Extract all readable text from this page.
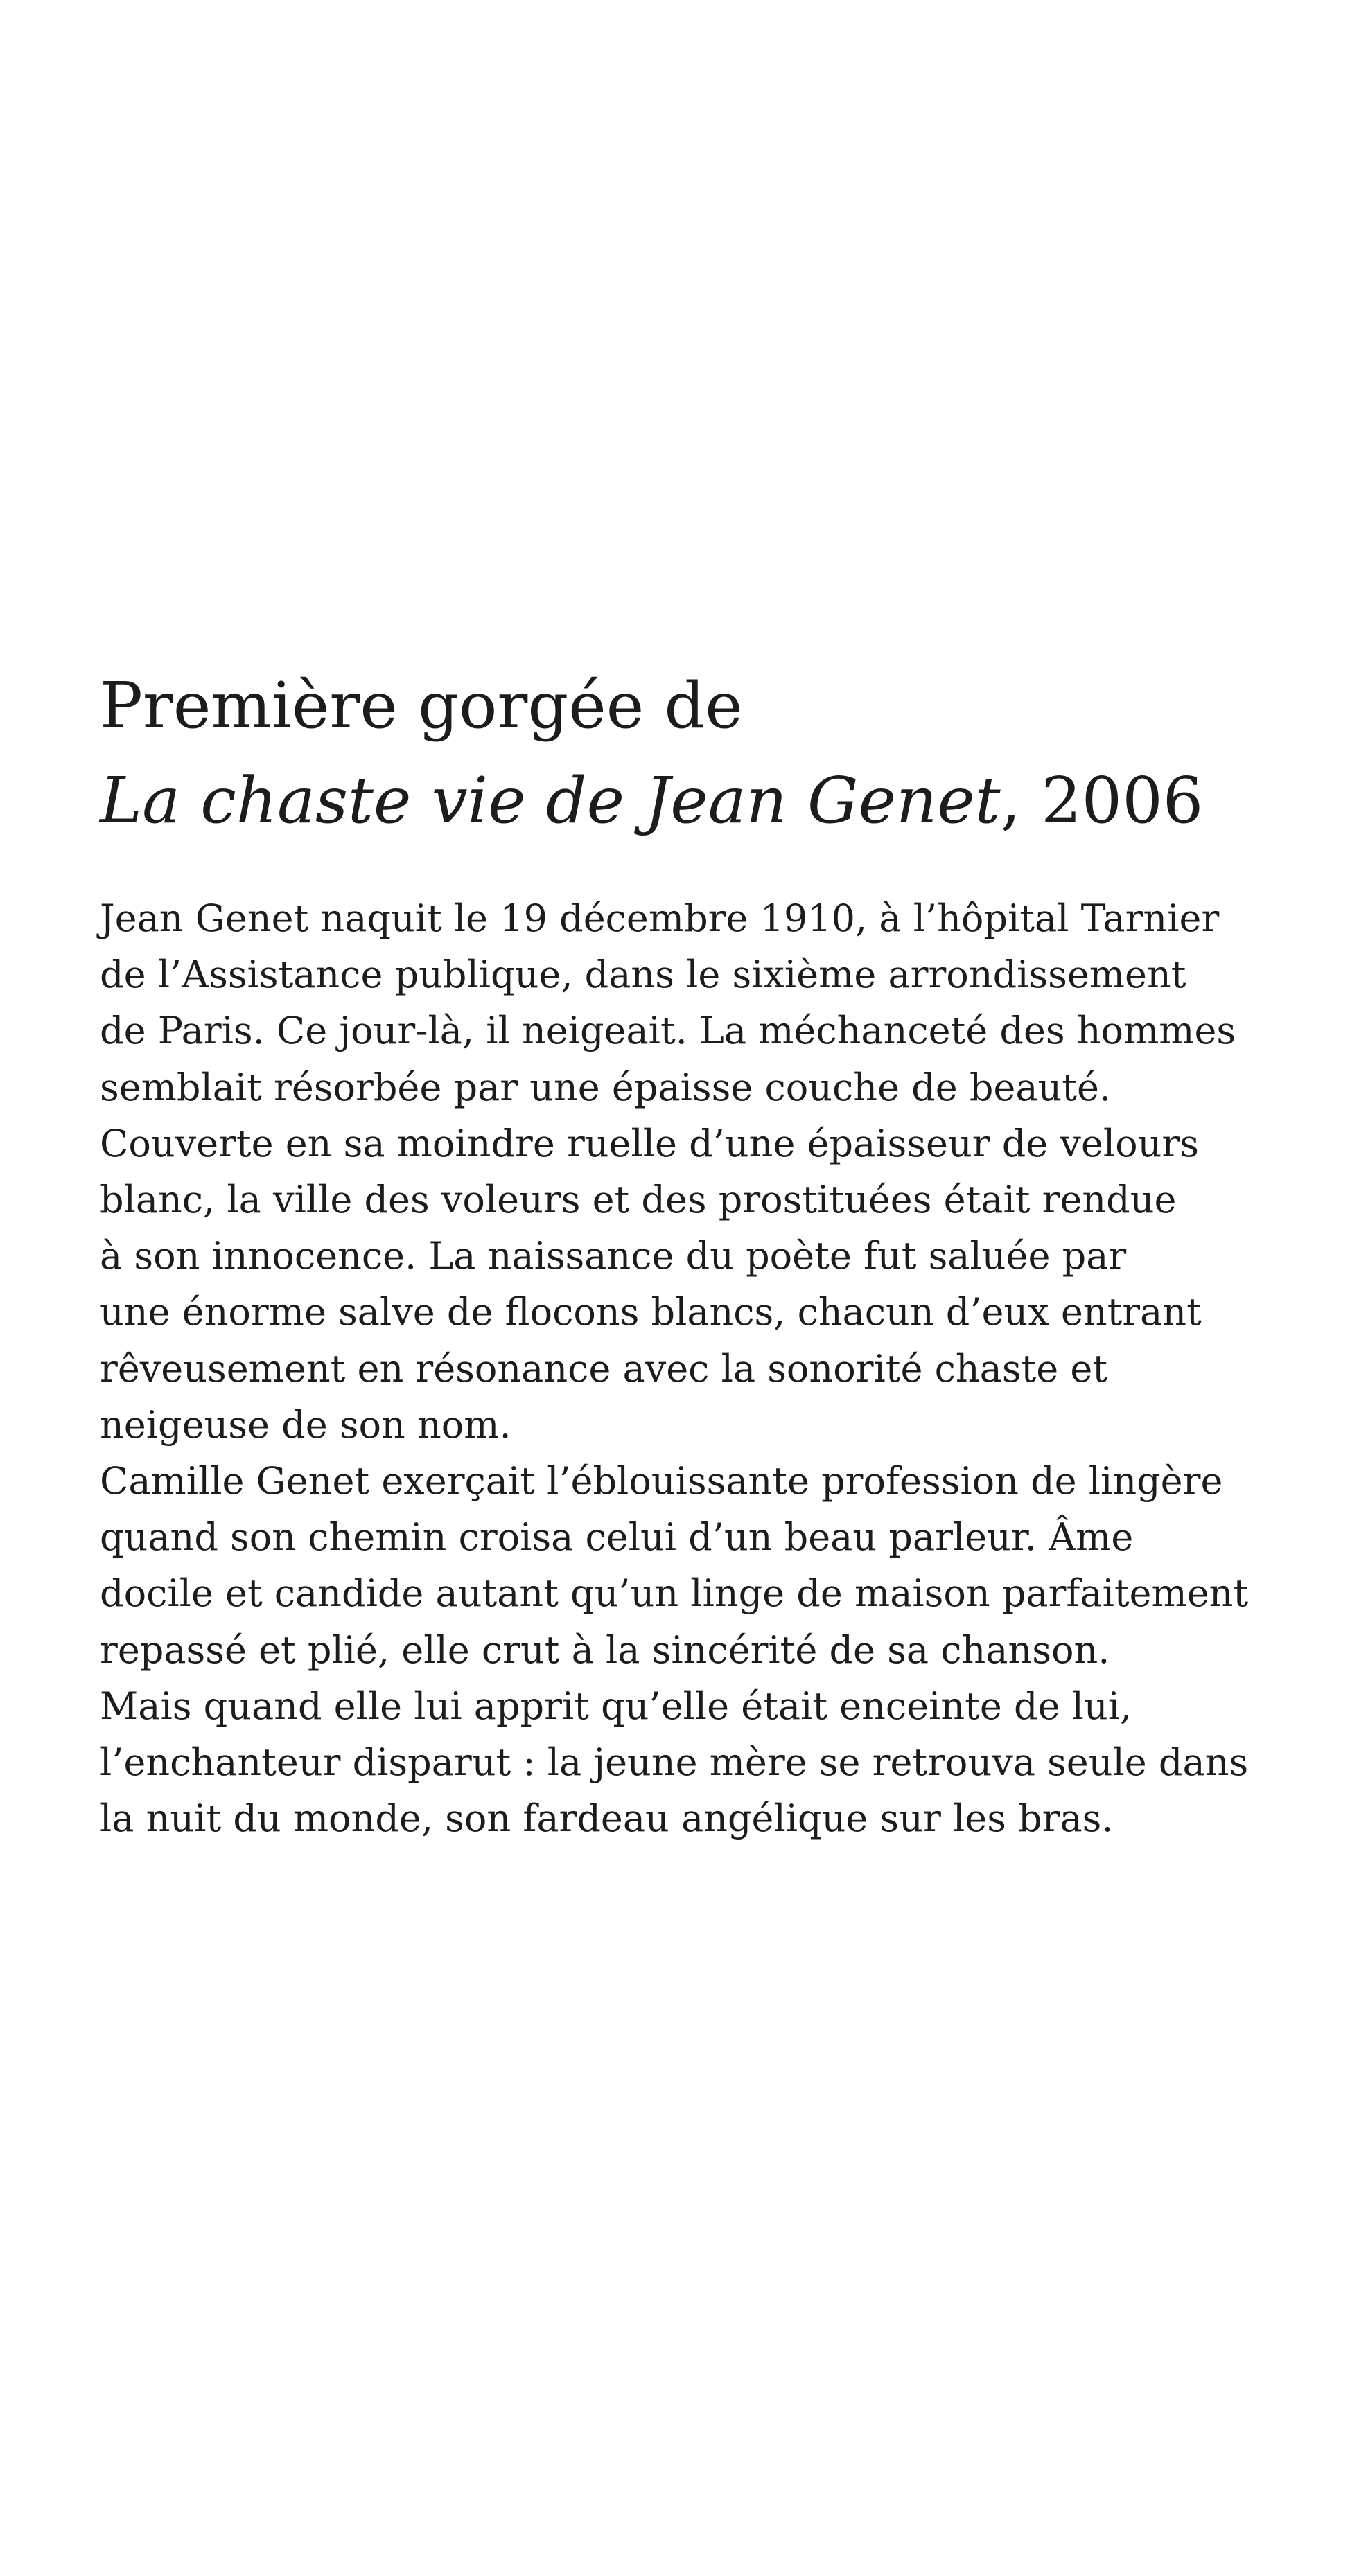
Première gorgée de
La chaste vie de Jean Genet, 2006
Jean Genet naquit le 19 décembre 1910, à l’hôpital Tarnier
de l’Assistance publique, dans le sixième arrondissement
de Paris. Ce jour-là, il neigeait. La méchanceté des hommes
semblait résorbée par une épaisse couche de beauté.
Couverte en sa moindre ruelle d’une épaisseur de velours
blanc, la ville des voleurs et des prostituées était rendue
à son innocence. La naissance du poète fut saluée par
une énorme salve de flocons blancs, chacun d’eux entrant
rêveusement en résonance avec la sonorité chaste et
neigeuse de son nom.
Camille Genet exerçait l’éblouissante profession de lingère
quand son chemin croisa celui d’un beau parleur. Âme
docile et candide autant qu’un linge de maison parfaitement
repassé et plié, elle crut à la sincérité de sa chanson.
Mais quand elle lui apprit qu’elle était enceinte de lui,
l’enchanteur disparut : la jeune mère se retrouva seule dans
la nuit du monde, son fardeau angélique sur les bras.
